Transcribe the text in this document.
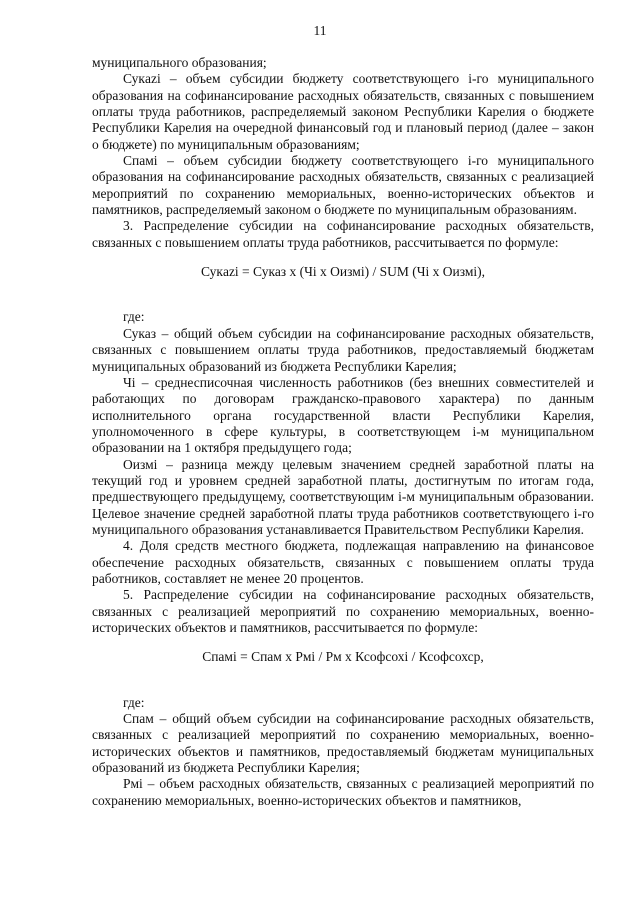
11

муниципального образования;

Сукazi – объем субсидии бюджету соответствующего i-го муниципального образования на софинансирование расходных обязательств, связанных с повышением оплаты труда работников, распределяемый законом Республики Карелия о бюджете Республики Карелия на очередной финансовый год и плановый период (далее – закон о бюджете) по муниципальным образованиям;

Спамi – объем субсидии бюджету соответствующего i-го муниципального образования на софинансирование расходных обязательств, связанных с реализацией мероприятий по сохранению мемориальных, военно-исторических объектов и памятников, распределяемый законом о бюджете по муниципальным образованиям.

3. Распределение субсидии на софинансирование расходных обязательств, связанных с повышением оплаты труда работников, рассчитывается по формуле:

Сукazi = Суказ x (Чi x Оизмi) / SUM (Чi x Оизмi),

где:

Суказ – общий объем субсидии на софинансирование расходных обязательств, связанных с повышением оплаты труда работников, предоставляемый бюджетам муниципальных образований из бюджета Республики Карелия;

Чi – среднесписочная численность работников (без внешних совместителей и работающих по договорам гражданско-правового характера) по данным исполнительного органа государственной власти Республики Карелия, уполномоченного в сфере культуры, в соответствующем i-м муниципальном образовании на 1 октября предыдущего года;

Оизмi – разница между целевым значением средней заработной платы на текущий год и уровнем средней заработной платы, достигнутым по итогам года, предшествующего предыдущему, соответствующим i-м муниципальным образовании. Целевое значение средней заработной платы труда работников соответствующего i-го муниципального образования устанавливается Правительством Республики Карелия.

4. Доля средств местного бюджета, подлежащая направлению на финансовое обеспечение расходных обязательств, связанных с повышением оплаты труда работников, составляет не менее 20 процентов.

5. Распределение субсидии на софинансирование расходных обязательств, связанных с реализацией мероприятий по сохранению мемориальных, военно-исторических объектов и памятников, рассчитывается по формуле:

Спамi = Спам x Рмi / Рм x Ксофсохi / Ксофсохср,

где:

Спам – общий объем субсидии на софинансирование расходных обязательств, связанных с реализацией мероприятий по сохранению мемориальных, военно-исторических объектов и памятников, предоставляемый бюджетам муниципальных образований из бюджета Республики Карелия;

Рмi – объем расходных обязательств, связанных с реализацией мероприятий по сохранению мемориальных, военно-исторических объектов и памятников,
